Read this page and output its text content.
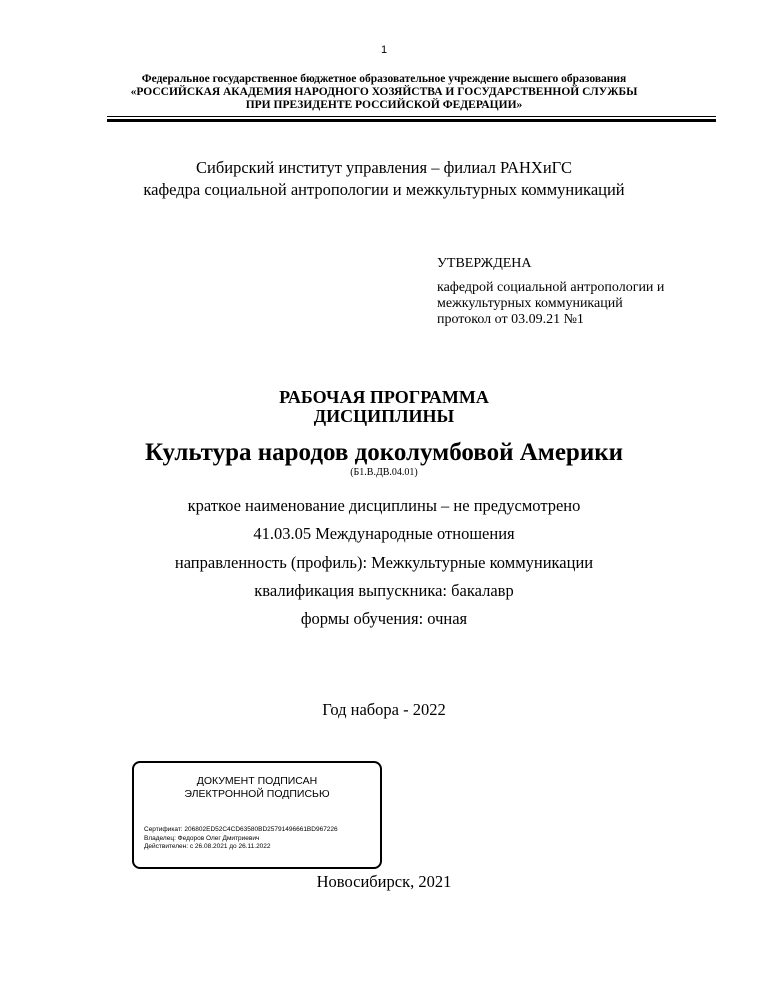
1
Федеральное государственное бюджетное образовательное учреждение высшего образования
«РОССИЙСКАЯ АКАДЕМИЯ НАРОДНОГО ХОЗЯЙСТВА И ГОСУДАРСТВЕННОЙ СЛУЖБЫ
ПРИ ПРЕЗИДЕНТЕ РОССИЙСКОЙ ФЕДЕРАЦИИ»
Сибирский институт управления – филиал РАНХиГС
кафедра социальной антропологии и межкультурных коммуникаций
УТВЕРЖДЕНА
кафедрой социальной антропологии и
межкультурных коммуникаций
протокол от 03.09.21 №1
РАБОЧАЯ ПРОГРАММА
ДИСЦИПЛИНЫ
Культура народов доколумбовой Америки
(Б1.В.ДВ.04.01)
краткое наименование дисциплины – не предусмотрено
41.03.05 Международные отношения
направленность (профиль): Межкультурные коммуникации
квалификация выпускника: бакалавр
формы обучения: очная
Год набора - 2022
Новосибирск, 2021
ДОКУМЕНТ ПОДПИСАН
ЭЛЕКТРОННОЙ ПОДПИСЬЮ
Сертификат: 206802ED52C4CD63580BD25791496661BD967226
Владелец: Федоров Олег Дмитриевич
Действителен: с 26.08.2021 до 26.11.2022
